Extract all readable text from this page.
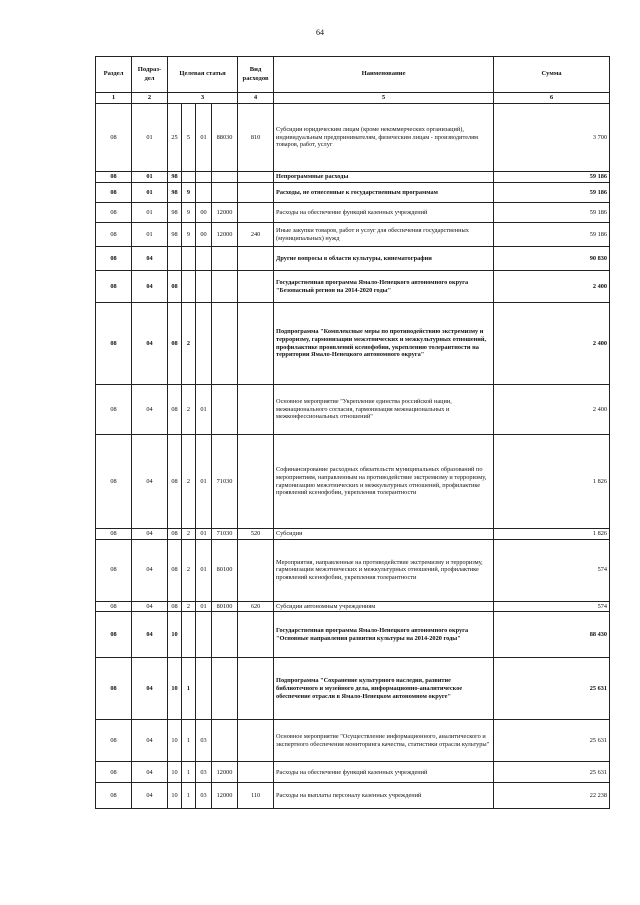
64
Раздел	Подраз-
дел	Целевая статья				Вид расходов	Наименование	Сумма
1	2	3				4	5	6
08	01	25	5	01	88030	810	Субсидии юридическим лицам (кроме некоммерческих организаций), индивидуальным предпринимателям, физическим лицам - производителям товаров, работ, услуг	3 700
08	01	98					Непрограммные расходы	59 186
08	01	98	9				Расходы, не отнесенные к государственным программам	59 186
08	01	98	9	00	12000		Расходы на обеспечение функций казенных учреждений	59 186
08	01	98	9	00	12000	240	Иные закупки товаров, работ и услуг для обеспечения государственных (муниципальных) нужд	59 186
08	04						Другие вопросы в области культуры, кинематографии	90 830
08	04	08					Государственная программа Ямало-Ненецкого автономного округа "Безопасный регион на 2014-2020 годы"	2 400
08	04	08	2				Подпрограмма "Комплексные меры по противодействию экстремизму и терроризму, гармонизации межэтнических и межкультурных отношений, профилактике проявлений ксенофобии, укреплению толерантности на территории Ямало-Ненецкого автономного округа"	2 400
08	04	08	2	01			Основное мероприятие "Укрепление единства российской нации, межнационального согласия, гармонизация межнациональных и межконфессиональных отношений"	2 400
08	04	08	2	01	71030		Софинансирование расходных обязательств муниципальных образований по мероприятиям, направленным на противодействие экстремизму и терроризму, гармонизацию межэтнических и межкультурных отношений, профилактике проявлений ксенофобии, укрепления толерантности	1 826
08	04	08	2	01	71030	520	Субсидии	1 826
08	04	08	2	01	80100		Мероприятия, направленные на противодействие экстремизму и терроризму, гармонизации межэтнических и межкультурных отношений, профилактике проявлений ксенофобии, укрепления толерантности	574
08	04	08	2	01	80100	620	Субсидии автономным учреждениям	574
08	04	10					Государственная программа Ямало-Ненецкого автономного округа "Основные направления развития культуры на 2014-2020 годы"	88 430
08	04	10	1				Подпрограмма "Сохранение культурного наследия, развитие библиотечного и музейного дела, информационно-аналитическое обеспечение отрасли в Ямало-Ненецком автономном округе"	25 631
08	04	10	1	03			Основное мероприятие "Осуществление информационного, аналитического и экспертного обеспечения мониторинга качества, статистики отрасли культуры"	25 631
08	04	10	1	03	12000		Расходы на обеспечение функций казенных учреждений	25 631
08	04	10	1	03	12000	110	Расходы на выплаты персоналу казенных учреждений	22 238
